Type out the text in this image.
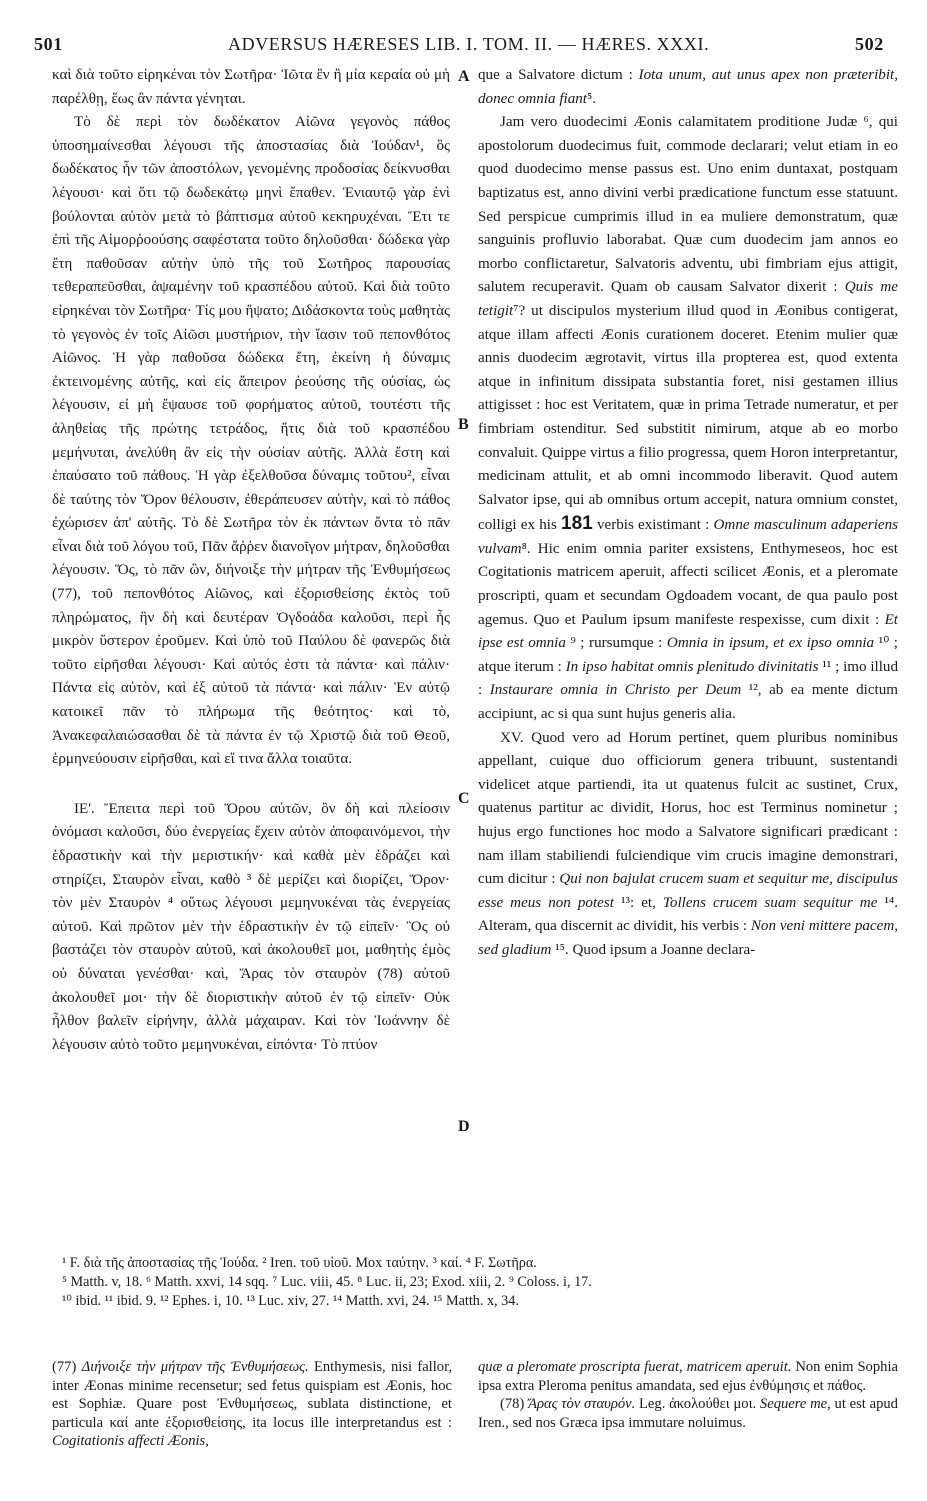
501	ADVERSUS HÆRESES LIB. I. TOM. II. — HÆRES. XXXI.	502
A
B
C
D

καὶ διὰ τοῦτο εἰρηκέναι τὸν Σωτῆρα· Ἰῶτα ἓν ἢ μία κεραία οὐ μὴ παρέλθῃ, ἕως ἂν πάντα γένηται.

Τὸ δὲ περὶ τὸν δωδέκατον Αἰῶνα γεγονὸς πάθος ὑποσημαίνεσθαι λέγουσι τῆς ἀποστασίας διὰ Ἰούδαν¹, ὃς δωδέκατος ἦν τῶν ἀποστόλων, γενομένης προδοσίας δείκνυσθαι λέγουσι· καὶ ὅτι τῷ δωδεκάτῳ μηνὶ ἔπαθεν. Ἐνιαυτῷ γὰρ ἑνὶ βούλονται αὐτὸν μετὰ τὸ βάπτισμα αὐτοῦ κεκηρυχέναι. Ἔτι τε ἐπὶ τῆς Αἱμορῥοούσης σαφέστατα τοῦτο δηλοῦσθαι· δώδεκα γὰρ ἔτη παθοῦσαν αὐτὴν ὑπὸ τῆς τοῦ Σωτῆρος παρουσίας τεθεραπεῦσθαι, ἁψαμένην τοῦ κρασπέδου αὐτοῦ. Καὶ διὰ τοῦτο εἰρηκέναι τὸν Σωτῆρα· Τίς μου ἥψατο; Διδάσκοντα τοὺς μαθητὰς τὸ γεγονὸς ἐν τοῖς Αἰῶσι μυστήριον, τὴν ἴασιν τοῦ πεπονθότος Αἰῶνος. Ἡ γὰρ παθοῦσα δώδεκα ἔτη, ἐκείνη ἡ δύναμις ἐκτεινομένης αὐτῆς, καὶ εἰς ἄπειρον ῥεούσης τῆς οὐσίας, ὡς λέγουσιν, εἰ μὴ ἔψαυσε τοῦ φορήματος αὐτοῦ, τουτέστι τῆς ἀληθείας τῆς πρώτης τετράδος, ἥτις διὰ τοῦ κρασπέδου μεμήνυται, ἀνελύθη ἂν εἰς τὴν οὐσίαν αὐτῆς. Ἀλλὰ ἔστη καὶ ἐπαύσατο τοῦ πάθους. Ἡ γὰρ ἐξελθοῦσα δύναμις τοῦτου², εἶναι δὲ ταύτης τὸν Ὅρον θέλουσιν, ἐθεράπευσεν αὐτὴν, καὶ τὸ πάθος ἐχώρισεν ἀπ' αὐτῆς. Τὸ δὲ Σωτῆρα τὸν ἐκ πάντων ὄντα τὸ πᾶν εἶναι διὰ τοῦ λόγου τοῦ, Πᾶν ἄῤῥεν διανοῖγον μήτραν, δηλοῦσθαι λέγουσιν. Ὅς, τὸ πᾶν ὢν, διήνοιξε τὴν μήτραν τῆς Ἐνθυμήσεως (77), τοῦ πεπονθότος Αἰῶνος, καὶ ἐξορισθείσης ἐκτὸς τοῦ πληρώματος, ἣν δὴ καὶ δευτέραν Ὀγδοάδα καλοῦσι, περὶ ἧς μικρὸν ὕστερον ἐροῦμεν. Καὶ ὑπὸ τοῦ Παύλου δὲ φανερῶς διὰ τοῦτο εἰρῆσθαι λέγουσι· Καὶ αὐτός ἐστι τὰ πάντα· καὶ πάλιν· Πάντα εἰς αὐτὸν, καὶ ἐξ αὐτοῦ τὰ πάντα· καὶ πάλιν· Ἐν αὐτῷ κατοικεῖ πᾶν τὸ πλήρωμα τῆς θεότητος· καὶ τὸ, Ἀνακεφαλαιώσασθαι δὲ τὰ πάντα ἐν τῷ Χριστῷ διὰ τοῦ Θεοῦ, ἑρμηνεύουσιν εἰρῆσθαι, καὶ εἴ τινα ἄλλα τοιαῦτα.

ΙΕ'. Ἔπειτα περὶ τοῦ Ὅρου αὐτῶν, ὃν δὴ καὶ πλείοσιν ὀνόμασι καλοῦσι, δύο ἐνεργείας ἔχειν αὐτὸν ἀποφαινόμενοι, τὴν ἑδραστικὴν καὶ τὴν μεριστικήν· καὶ καθὰ μὲν ἑδράζει καὶ στηρίζει, Σταυρὸν εἶναι, καθὸ ³ δὲ μερίζει καὶ διορίζει, Ὅρον· τὸν μὲν Σταυρὸν ⁴ οὕτως λέγουσι μεμηνυκέναι τὰς ἐνεργείας αὐτοῦ. Καὶ πρῶτον μὲν τὴν ἑδραστικὴν ἐν τῷ εἰπεῖν· Ὃς οὐ βαστάζει τὸν σταυρὸν αὐτοῦ, καὶ ἀκολουθεῖ μοι, μαθητὴς ἐμὸς οὐ δύναται γενέσθαι· καὶ, Ἄρας τὸν σταυρὸν (78) αὐτοῦ ἀκολουθεῖ μοι· τὴν δὲ διοριστικὴν αὐτοῦ ἐν τῷ εἰπεῖν· Οὐκ ἦλθον βαλεῖν εἰρήνην, ἀλλὰ μάχαιραν. Καὶ τὸν Ἰωάννην δὲ λέγουσιν αὐτὸ τοῦτο μεμηνυκέναι, εἰπόντα· Τὸ πτύον

que a Salvatore dictum : Iota unum, aut unus apex non præteribit, donec omnia fiant⁵.

Jam vero duodecimi Æonis calamitatem proditione Judæ ⁶, qui apostolorum duodecimus fuit, commode declarari; velut etiam in eo quod duodecimo mense passus est. Uno enim duntaxat, postquam baptizatus est, anno divini verbi prædicatione functum esse statuunt. Sed perspicue cumprimis illud in ea muliere demonstratum, quæ sanguinis profluvio laborabat. Quæ cum duodecim jam annos eo morbo conflictaretur, Salvatoris adventu, ubi fimbriam ejus attigit, salutem recuperavit. Quam ob causam Salvator dixerit : Quis me tetigit⁷? ut discipulos mysterium illud quod in Æonibus contigerat, atque illam affecti Æonis curationem doceret. Etenim mulier quæ annis duodecim ægrotavit, virtus illa propterea est, quod extenta atque in infinitum dissipata substantia foret, nisi gestamen illius attigisset : hoc est Veritatem, quæ in prima Tetrade numeratur, et per fimbriam ostenditur. Sed substitit nimirum, atque ab eo morbo convaluit. Quippe virtus a filio progressa, quem Horon interpretantur, medicinam attulit, et ab omni incommodo liberavit. Quod autem Salvator ipse, qui ab omnibus ortum accepit, natura omnium constet, colligi ex his 181 verbis existimant : Omne masculinum adaperiens vulvam⁸. Hic enim omnia pariter exsistens, Enthymeseos, hoc est Cogitationis matricem aperuit, affecti scilicet Æonis, et a pleromate proscripti, quam et secundam Ogdoadem vocant, de qua paulo post agemus. Quo et Paulum ipsum manifeste respexisse, cum dixit : Et ipse est omnia ⁹ ; rursumque : Omnia in ipsum, et ex ipso omnia ¹⁰ ; atque iterum : In ipso habitat omnis plenitudo divinitatis ¹¹ ; imo illud : Instaurare omnia in Christo per Deum ¹², ab ea mente dictum accipiunt, ac si qua sunt hujus generis alia.

XV. Quod vero ad Horum pertinet, quem pluribus nominibus appellant, cuique duo officiorum genera tribuunt, sustentandi videlicet atque partiendi, ita ut quatenus fulcit ac sustinet, Crux, quatenus partitur ac dividit, Horus, hoc est Terminus nominetur ; hujus ergo functiones hoc modo a Salvatore significari prædicant : nam illam stabiliendi fulciendique vim crucis imagine demonstrari, cum dicitur : Qui non bajulat crucem suam et sequitur me, discipulus esse meus non potest ¹³: et, Tollens crucem suam sequitur me ¹⁴. Alteram, qua discernit ac dividit, his verbis : Non veni mittere pacem, sed gladium ¹⁵. Quod ipsum a Joanne declara-

¹ F. διὰ τῆς ἀποστασίας τῆς Ἰούδα. ² Iren. τοῦ υἱοῦ. Mox ταύτην. ³ καί. ⁴ F. Σωτῆρα.
⁵ Matth. v, 18. ⁶ Matth. xxvi, 14 sqq. ⁷ Luc. viii, 45. ⁸ Luc. ii, 23; Exod. xiii, 2. ⁹ Coloss. i, 17.
¹⁰ ibid. ¹¹ ibid. 9. ¹² Ephes. i, 10. ¹³ Luc. xiv, 27. ¹⁴ Matth. xvi, 24. ¹⁵ Matth. x, 34.
(77) Διήνοιξε τὴν μήτραν τῆς Ἐνθυμήσεως. Enthymesis, nisi fallor, inter Æonas minime recensetur; sed fetus quispiam est Æonis, hoc est Sophiæ. Quare post Ἐνθυμήσεως, sublata distinctione, et particula καί ante ἐξορισθείσης, ita locus ille interpretandus est : Cogitationis affecti Æonis,
quæ a pleromate proscripta fuerat, matricem aperuit. Non enim Sophia ipsa extra Pleroma penitus amandata, sed ejus ἐνθύμησις et πάθος.
(78) Ἄρας τὸν σταυρόν. Leg. ἀκολούθει μοι. Sequere me, ut est apud Iren., sed nos Græca ipsa immutare noluimus.
